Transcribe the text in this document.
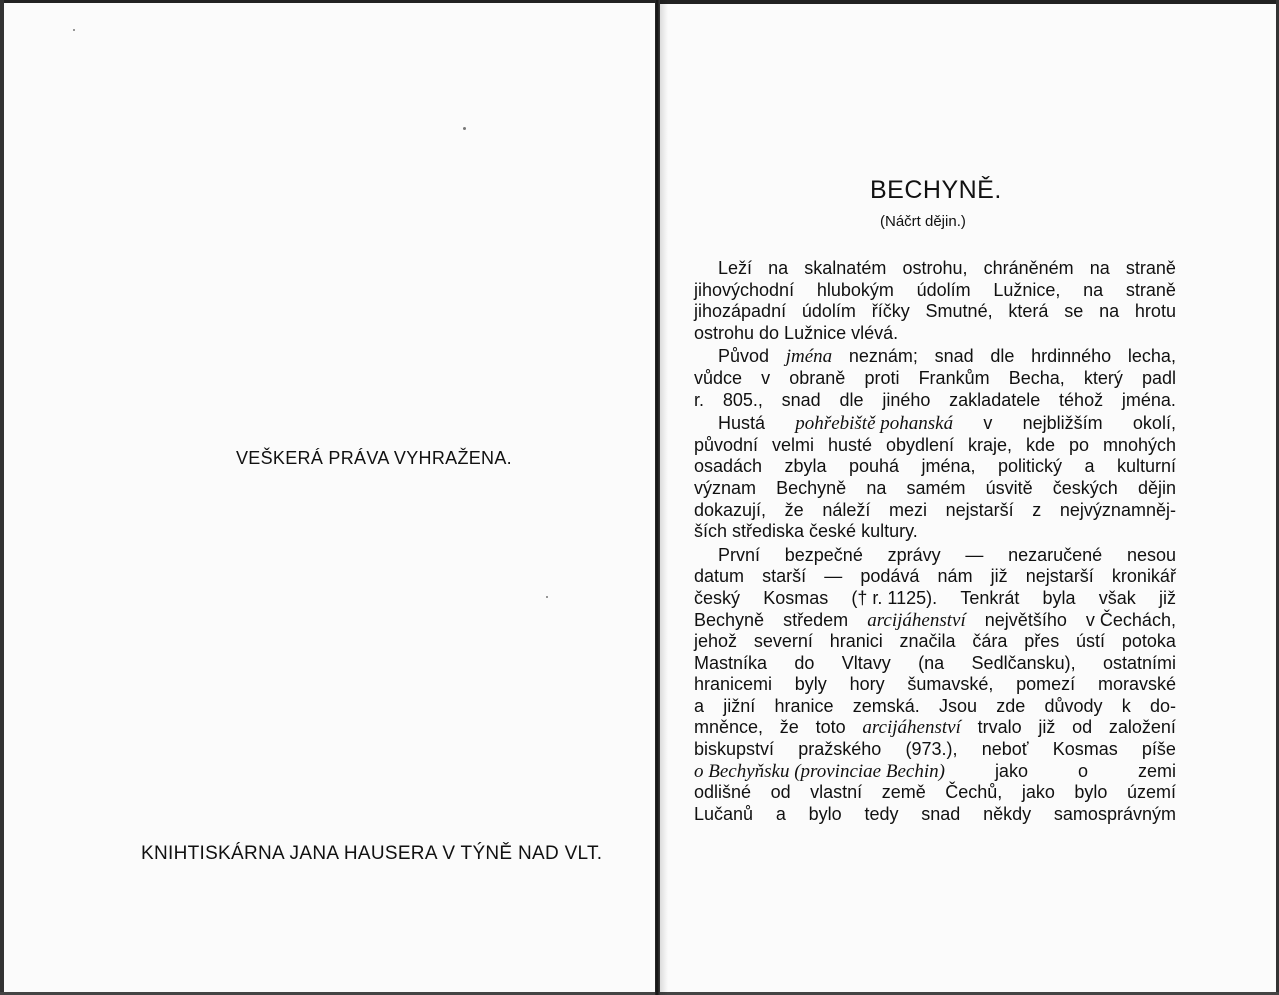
VEŠKERÁ PRÁVA VYHRAŽENA.
KNIHTISKÁRNA JANA HAUSERA V TÝNĚ NAD VLT.
BECHYNĚ.
(Náčrt dějin.)
Leží na skalnatém ostrohu, chráněném na straně
jihovýchodní hlubokým údolím Lužnice, na straně
jihozápadní údolím říčky Smutné, která se na hrotu
ostrohu do Lužnice vlévá.
Původ jména neznám; snad dle hrdinného lecha,
vůdce v obraně proti Frankům Becha, který padl
r. 805., snad dle jiného zakladatele téhož jména.
Hustá pohřebiště pohanská v nejbližším okolí,
původní velmi husté obydlení kraje, kde po mnohých
osadách zbyla pouhá jména, politický a kulturní
význam Bechyně na samém úsvitě českých dějin
dokazují, že náleží mezi nejstarší z nejvýznamněj-
ších střediska české kultury.
První bezpečné zprávy — nezaručené nesou
datum starší — podává nám již nejstarší kronikář
český Kosmas († r. 1125). Tenkrát byla však již
Bechyně středem arcijáhenství největšího v Čechách,
jehož severní hranici značila čára přes ústí potoka
Mastníka do Vltavy (na Sedlčansku), ostatními
hranicemi byly hory šumavské, pomezí moravské
a jižní hranice zemská. Jsou zde důvody k do-
mněnce, že toto arcijáhenství trvalo již od založení
biskupství pražského (973.), neboť Kosmas píše
o Bechyňsku (provinciae Bechin)	jako	o	zemi
odlišné od vlastní země Čechů, jako bylo území
Lučanů a bylo tedy snad někdy samosprávným
